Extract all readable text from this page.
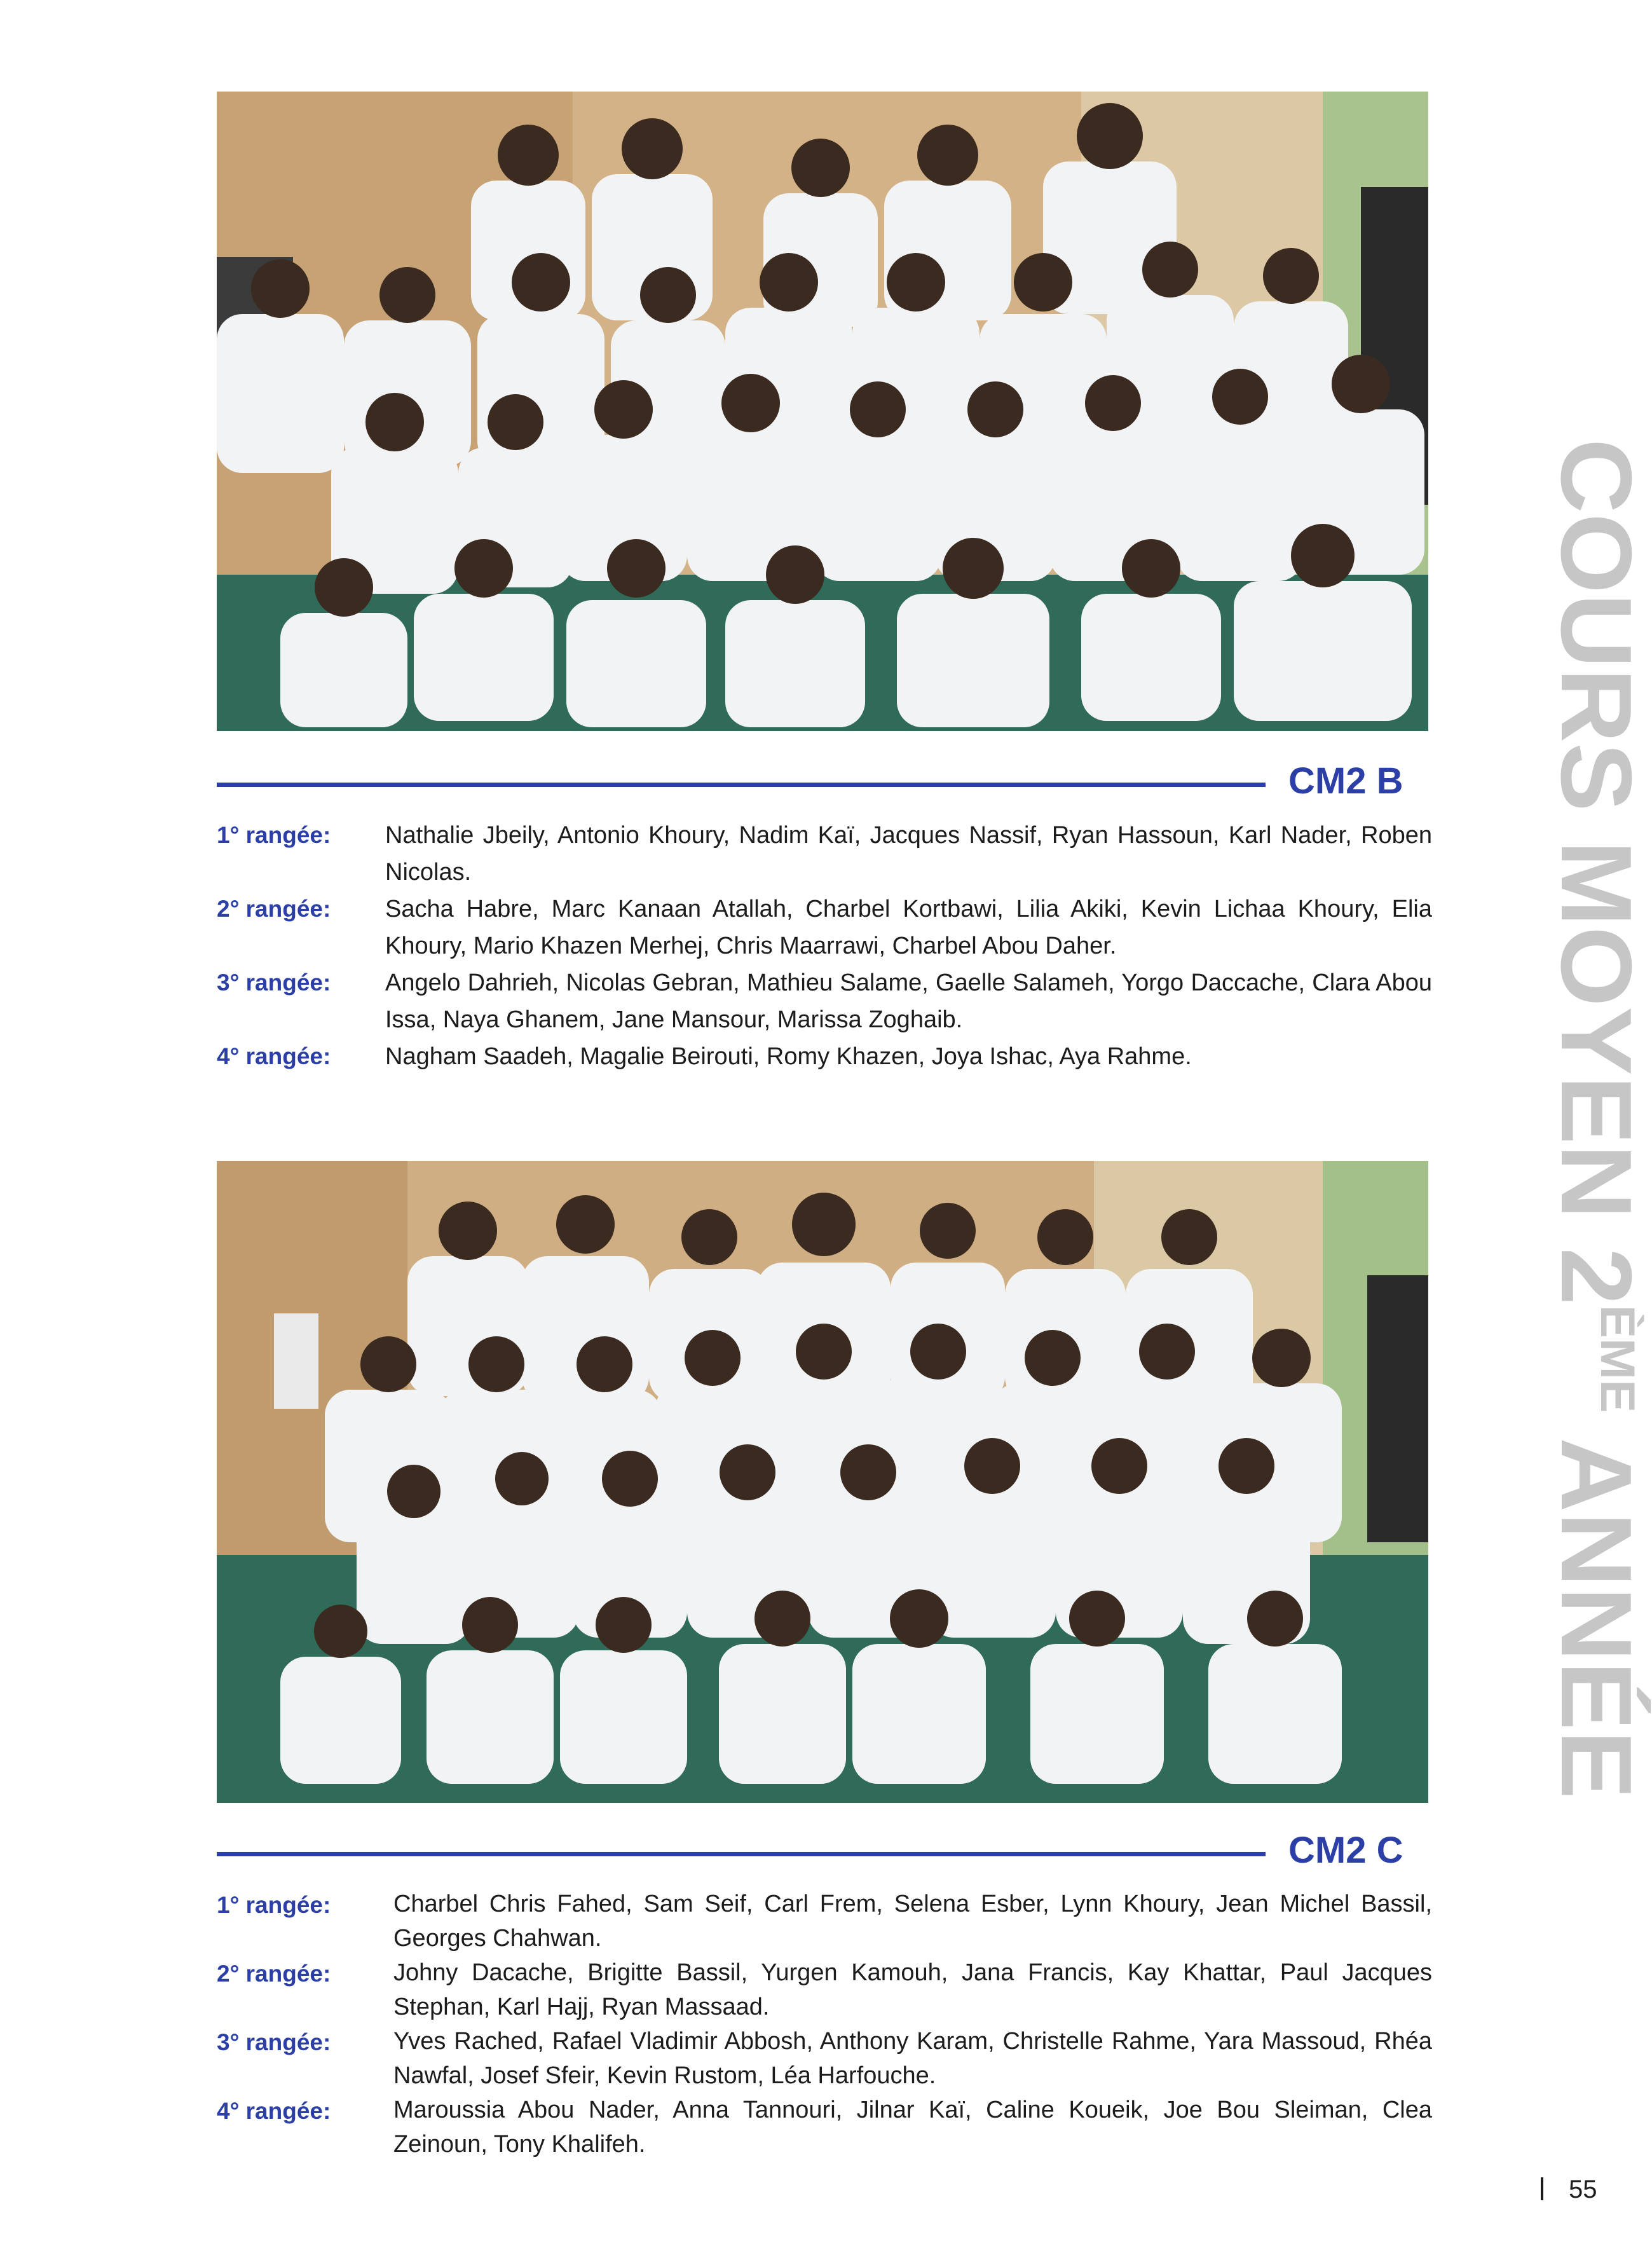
CM2 B
1° rangée: Nathalie Jbeily, Antonio Khoury, Nadim Kaï, Jacques Nassif, Ryan Hassoun, Karl Nader, Roben Nicolas.
2° rangée: Sacha Habre, Marc Kanaan Atallah, Charbel Kortbawi, Lilia Akiki, Kevin Lichaa Khoury, Elia Khoury, Mario Khazen Merhej, Chris Maarrawi, Charbel Abou Daher.
3° rangée: Angelo Dahrieh, Nicolas Gebran, Mathieu Salame, Gaelle Salameh, Yorgo Daccache, Clara Abou Issa, Naya Ghanem, Jane Mansour, Marissa Zoghaib.
4° rangée: Nagham Saadeh, Magalie Beirouti, Romy Khazen, Joya Ishac, Aya Rahme.
CM2 C
1° rangée:	Charbel Chris Fahed, Sam Seif, Carl Frem, Selena Esber, Lynn Khoury, Jean Michel Bassil, Georges Chahwan.
2° rangée:	Johny Dacache, Brigitte Bassil, Yurgen Kamouh, Jana Francis, Kay Khattar, Paul Jacques Stephan, Karl Hajj, Ryan Massaad.
3° rangée:	Yves Rached, Rafael Vladimir Abbosh, Anthony Karam, Christelle Rahme, Yara Massoud, Rhéa Nawfal, Josef Sfeir, Kevin Rustom, Léa Harfouche.
4° rangée:	Maroussia Abou Nader, Anna Tannouri, Jilnar Kaï, Caline Koueik, Joe Bou Sleiman, Clea Zeinoun, Tony Khalifeh.
COURS MOYEN 2ÈME ANNÉE
55
